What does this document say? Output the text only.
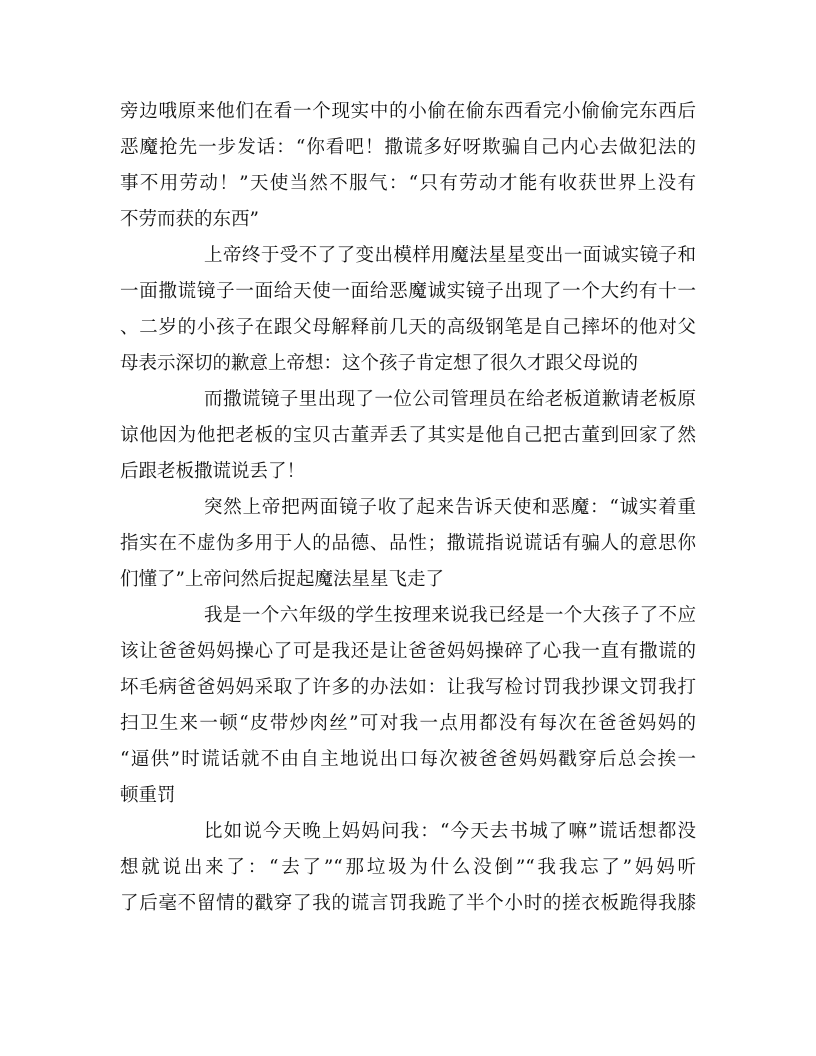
旁边哦原来他们在看一个现实中的小偷在偷东西看完小偷偷完东西后
恶魔抢先一步发话：“你看吧！撒谎多好呀欺骗自己内心去做犯法的
事不用劳动！”天使当然不服气：“只有劳动才能有收获世界上没有
不劳而获的东西”
上帝终于受不了了变出模样用魔法星星变出一面诚实镜子和
一面撒谎镜子一面给天使一面给恶魔诚实镜子出现了一个大约有十一
、二岁的小孩子在跟父母解释前几天的高级钢笔是自己摔坏的他对父
母表示深切的歉意上帝想：这个孩子肯定想了很久才跟父母说的
而撒谎镜子里出现了一位公司管理员在给老板道歉请老板原
谅他因为他把老板的宝贝古董弄丢了其实是他自己把古董到回家了然
后跟老板撒谎说丢了！
突然上帝把两面镜子收了起来告诉天使和恶魔：“诚实着重
指实在不虚伪多用于人的品德、品性；撒谎指说谎话有骗人的意思你
们懂了”上帝问然后捉起魔法星星飞走了
我是一个六年级的学生按理来说我已经是一个大孩子了不应
该让爸爸妈妈操心了可是我还是让爸爸妈妈操碎了心我一直有撒谎的
坏毛病爸爸妈妈采取了许多的办法如：让我写检讨罚我抄课文罚我打
扫卫生来一顿“皮带炒肉丝”可对我一点用都没有每次在爸爸妈妈的
“逼供”时谎话就不由自主地说出口每次被爸爸妈妈戳穿后总会挨一
顿重罚
比如说今天晚上妈妈问我：“今天去书城了嘛”谎话想都没
想就说出来了：“去了”“那垃圾为什么没倒”“我我忘了”妈妈听
了后毫不留情的戳穿了我的谎言罚我跪了半个小时的搓衣板跪得我膝
